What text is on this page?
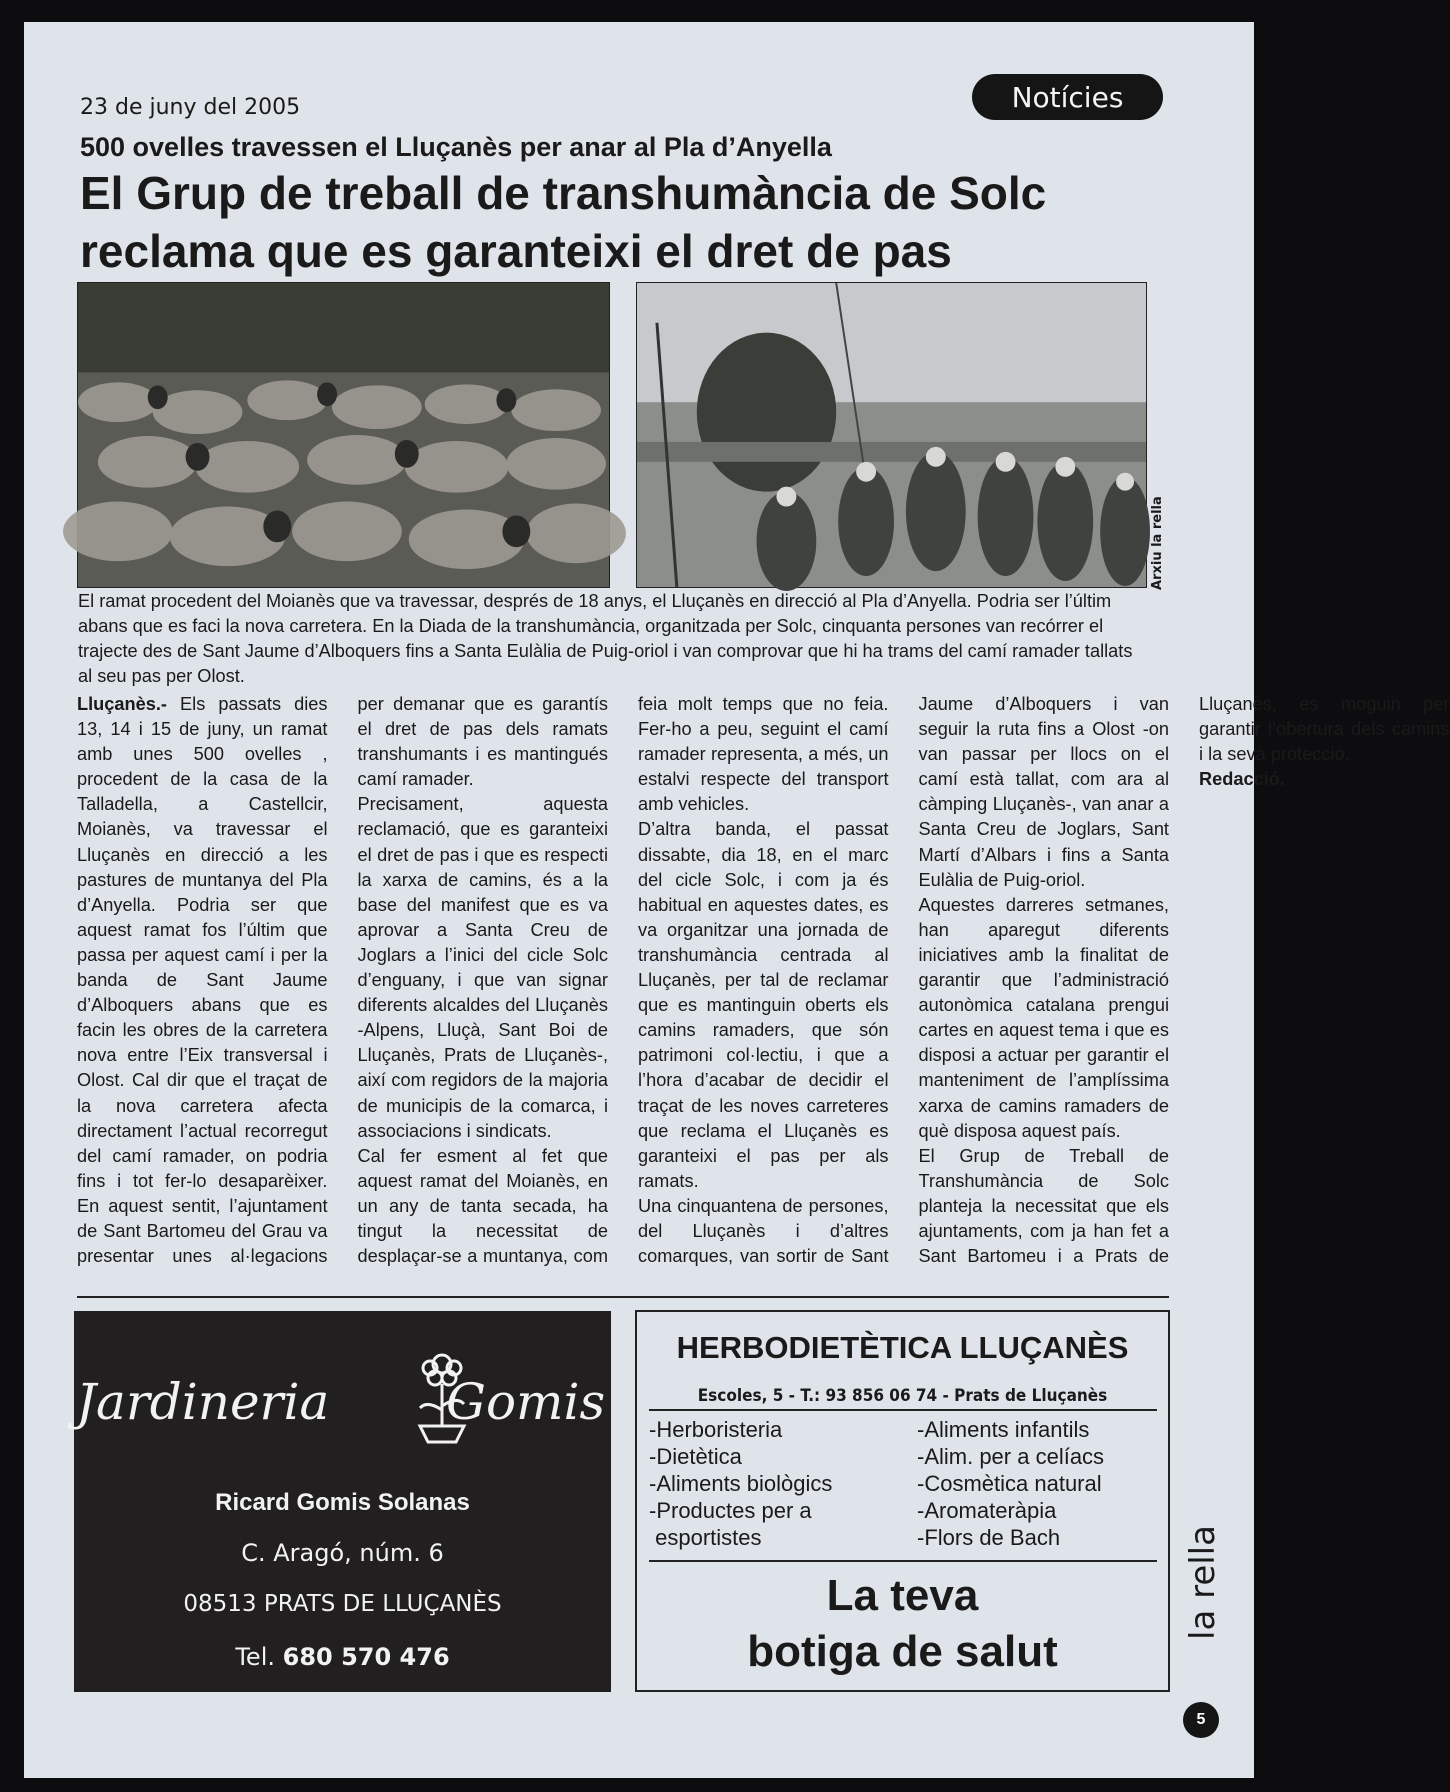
23 de juny del 2005	Notícies
500 ovelles travessen el Lluçanès per anar al Pla d’Anyella
El Grup de treball de transhumància de Solc reclama que es garanteixi el dret de pas
Arxiu la rella

El ramat procedent del Moianès que va travessar, després de 18 anys, el Lluçanès en direcció al Pla d’Anyella. Podria ser l’últim abans que es faci la nova carretera. En la Diada de la transhumància, organitzada per Solc, cinquanta persones van recórrer el trajecte des de Sant Jaume d’Alboquers fins a Santa Eulàlia de Puig-oriol i van comprovar que hi ha trams del camí ramader tallats al seu pas per Olost.

Lluçanès.- Els passats dies 13, 14 i 15 de juny, un ramat amb unes 500 ovelles , procedent de la casa de la Talladella, a Castellcir, Moianès, va travessar el Lluçanès en direcció a les pastures de muntanya del Pla d’Anyella. Podria ser que aquest ramat fos l’últim que passa per aquest camí i per la banda de Sant Jaume d’Alboquers abans que es facin les obres de la carretera nova entre l’Eix transversal i Olost. Cal dir que el traçat de la nova carretera afecta directament l’actual recorregut del camí ramader, on podria fins i tot fer-lo desaparèixer. En aquest sentit, l’ajuntament de Sant Bartomeu del Grau va presentar unes al·legacions per demanar que es garantís el dret de pas dels ramats transhumants i es mantingués camí ramader.

Precisament, aquesta reclamació, que es garanteixi el dret de pas i que es respecti la xarxa de camins, és a la base del manifest que es va aprovar a Santa Creu de Joglars a l’inici del cicle Solc d’enguany, i que van signar diferents alcaldes del Lluçanès -Alpens, Lluçà, Sant Boi de Lluçanès, Prats de Lluçanès-, així com regidors de la majoria de municipis de la comarca, i associacions i sindicats.

Cal fer esment al fet que aquest ramat del Moianès, en un any de tanta secada, ha tingut la necessitat de desplaçar-se a muntanya, com feia molt temps que no feia. Fer-ho a peu, seguint el camí ramader representa, a més, un estalvi respecte del transport amb vehicles.

D’altra banda, el passat dissabte, dia 18, en el marc del cicle Solc, i com ja és habitual en aquestes dates, es va organitzar una jornada de transhumància centrada al Lluçanès, per tal de reclamar que es mantinguin oberts els camins ramaders, que són patrimoni col·lectiu, i que a l’hora d’acabar de decidir el traçat de les noves carreteres que reclama el Lluçanès es garanteixi el pas per als ramats.

Una cinquantena de persones, del Lluçanès i d’altres comarques, van sortir de Sant Jaume d’Alboquers i van seguir la ruta fins a Olost -on van passar per llocs on el camí està tallat, com ara al càmping Lluçanès-, van anar a Santa Creu de Joglars, Sant Martí d’Albars i fins a Santa Eulàlia de Puig-oriol.

Aquestes darreres setmanes, han aparegut diferents iniciatives amb la finalitat de garantir que l’administració autonòmica catalana prengui cartes en aquest tema i que es disposi a actuar per garantir el manteniment de l’amplíssima xarxa de camins ramaders de què disposa aquest país.

El Grup de Treball de Transhumància de Solc planteja la necessitat que els ajuntaments, com ja han fet a Sant Bartomeu i a Prats de Lluçanès, es moguin per garantir l’obertura dels camins i la seva protecció.

Redacció.

Jardineria Gomis
Ricard Gomis Solanas
C. Aragó, núm. 6
08513 PRATS DE LLUÇANÈS
Tel. 680 570 476
HERBODIETÈTICA LLUÇANÈS
Escoles, 5 - T.: 93 856 06 74 - Prats de Lluçanès
-Herboristeria
-Dietètica
-Aliments biològics
-Productes per a
esportistes
-Aliments infantils
-Alim. per a celíacs
-Cosmètica natural
-Aromateràpia
-Flors de Bach
La teva
botiga de salut
la rella
5
